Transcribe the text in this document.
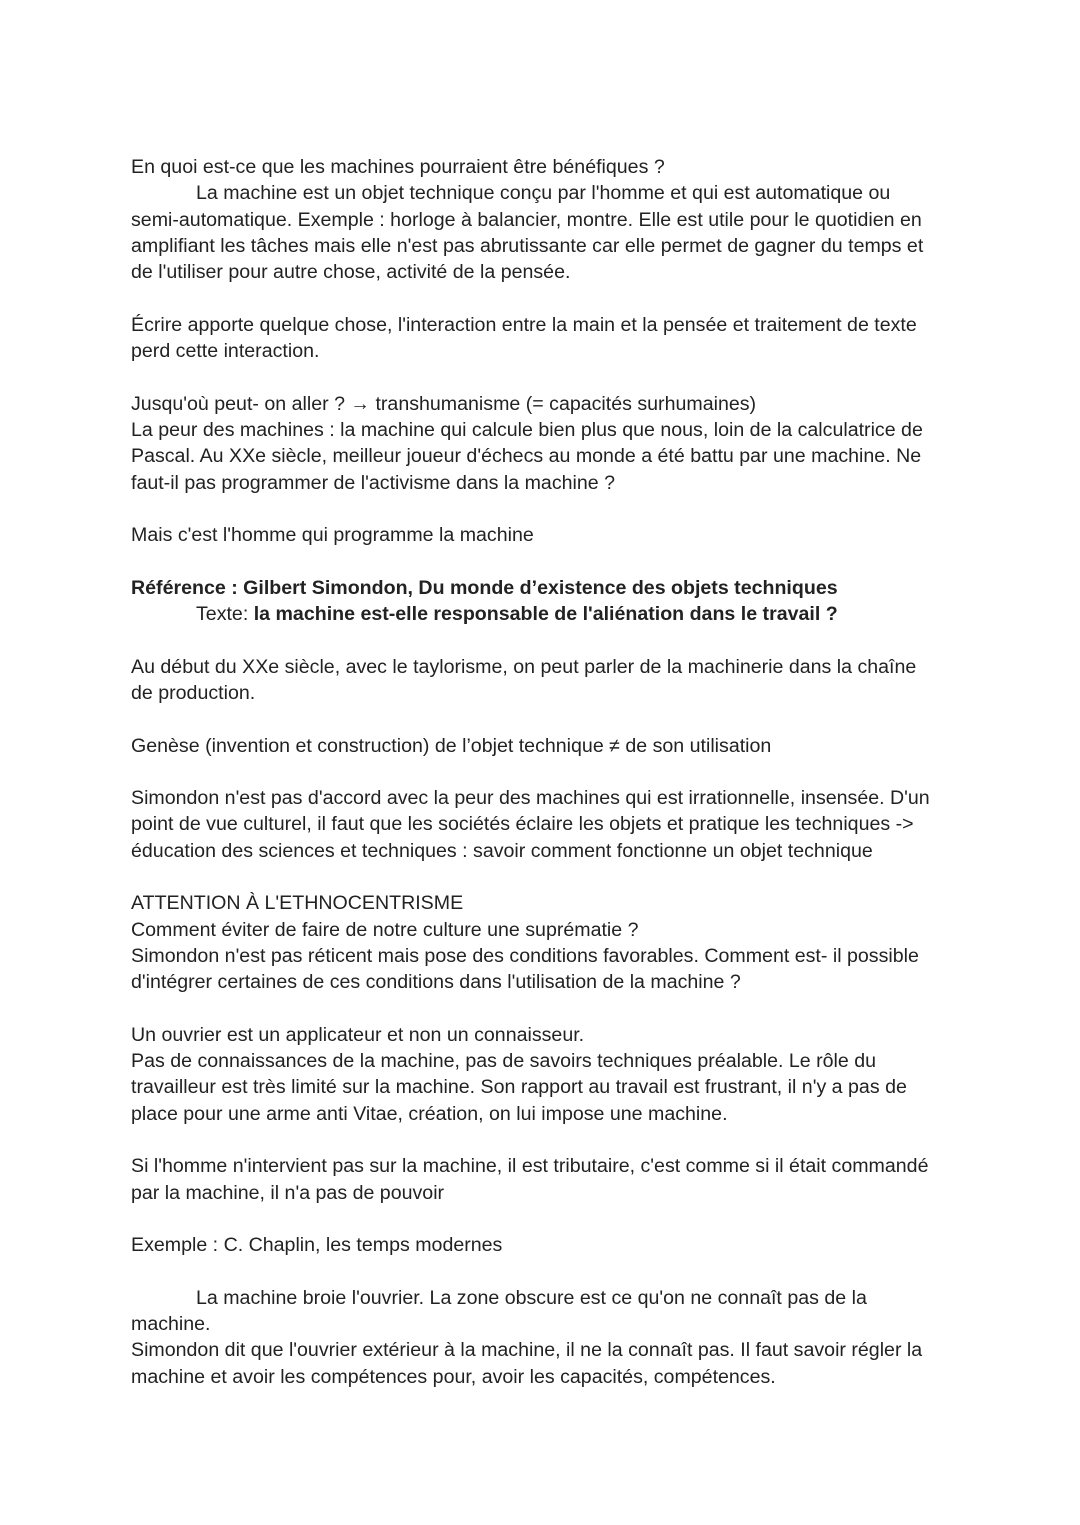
En quoi est-ce que les machines pourraient être bénéfiques ?
La machine est un objet technique conçu par l'homme et qui est automatique ou
semi-automatique. Exemple : horloge à balancier, montre. Elle est utile pour le quotidien en
amplifiant les tâches mais elle n'est pas abrutissante car elle permet de gagner du temps et
de l'utiliser pour autre chose, activité de la pensée.
Écrire apporte quelque chose, l'interaction entre la main et la pensée et traitement de texte
perd cette interaction.
Jusqu'où peut- on aller ? → transhumanisme (= capacités surhumaines)
La peur des machines : la machine qui calcule bien plus que nous, loin de la calculatrice de
Pascal. Au XXe siècle, meilleur joueur d'échecs au monde a été battu par une machine. Ne
faut-il pas programmer de l'activisme dans la machine ?
Mais c'est l'homme qui programme la machine
Référence : Gilbert Simondon, Du monde d’existence des objets techniques
Texte: la machine est-elle responsable de l'aliénation dans le travail ?
Au début du XXe siècle, avec le taylorisme, on peut parler de la machinerie dans la chaîne
de production.
Genèse (invention et construction) de l’objet technique ≠ de son utilisation
Simondon n'est pas d'accord avec la peur des machines qui est irrationnelle, insensée. D'un
point de vue culturel, il faut que les sociétés éclaire les objets et pratique les techniques ->
éducation des sciences et techniques : savoir comment fonctionne un objet technique
ATTENTION À L'ETHNOCENTRISME
Comment éviter de faire de notre culture une suprématie ?
Simondon n'est pas réticent mais pose des conditions favorables. Comment est- il possible
d'intégrer certaines de ces conditions dans l'utilisation de la machine ?
Un ouvrier est un applicateur et non un connaisseur.
Pas de connaissances de la machine, pas de savoirs techniques préalable. Le rôle du
travailleur est très limité sur la machine. Son rapport au travail est frustrant, il n'y a pas de
place pour une arme anti Vitae, création, on lui impose une machine.
Si l'homme n'intervient pas sur la machine, il est tributaire, c'est comme si il était commandé
par la machine, il n'a pas de pouvoir
Exemple : C. Chaplin, les temps modernes
La machine broie l'ouvrier. La zone obscure est ce qu'on ne connaît pas de la
machine.
Simondon dit que l'ouvrier extérieur à la machine, il ne la connaît pas. Il faut savoir régler la
machine et avoir les compétences pour, avoir les capacités, compétences.
